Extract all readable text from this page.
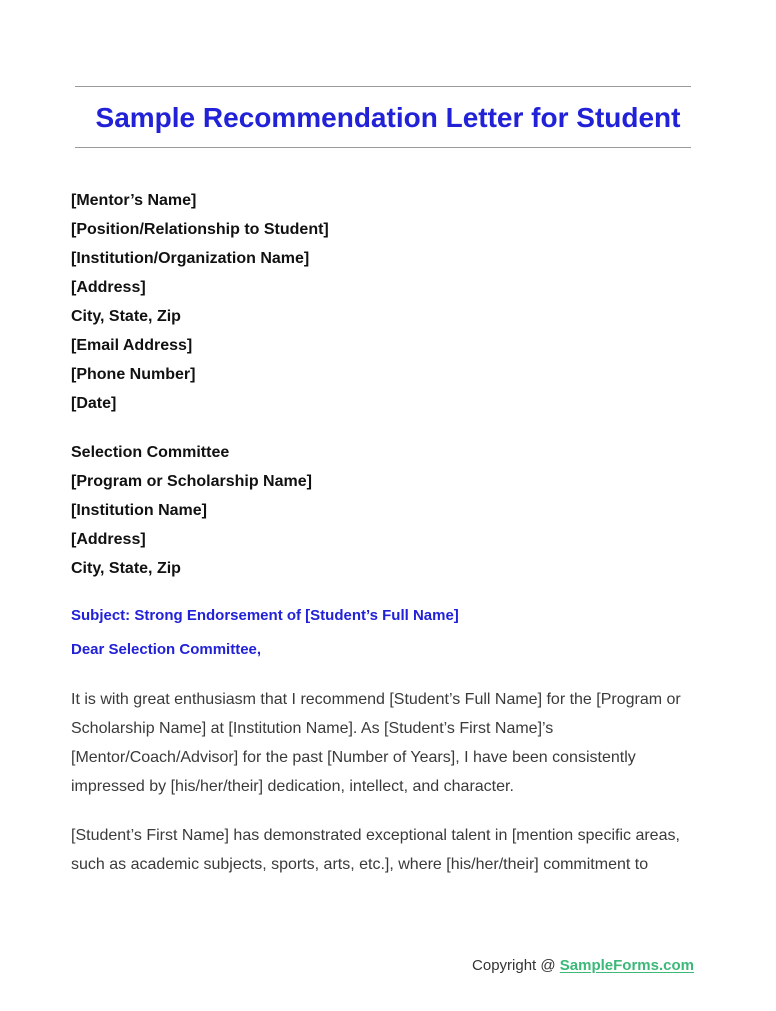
Sample Recommendation Letter for Student
[Mentor’s Name]
[Position/Relationship to Student]
[Institution/Organization Name]
[Address]
City, State, Zip
[Email Address]
[Phone Number]
[Date]
Selection Committee
[Program or Scholarship Name]
[Institution Name]
[Address]
City, State, Zip
Subject: Strong Endorsement of [Student’s Full Name]
Dear Selection Committee,

It is with great enthusiasm that I recommend [Student’s Full Name] for the [Program or
Scholarship Name] at [Institution Name]. As [Student’s First Name]’s
[Mentor/Coach/Advisor] for the past [Number of Years], I have been consistently
impressed by [his/her/their] dedication, intellect, and character.

[Student’s First Name] has demonstrated exceptional talent in [mention specific areas,
such as academic subjects, sports, arts, etc.], where [his/her/their] commitment to

Copyright @ SampleForms.com
